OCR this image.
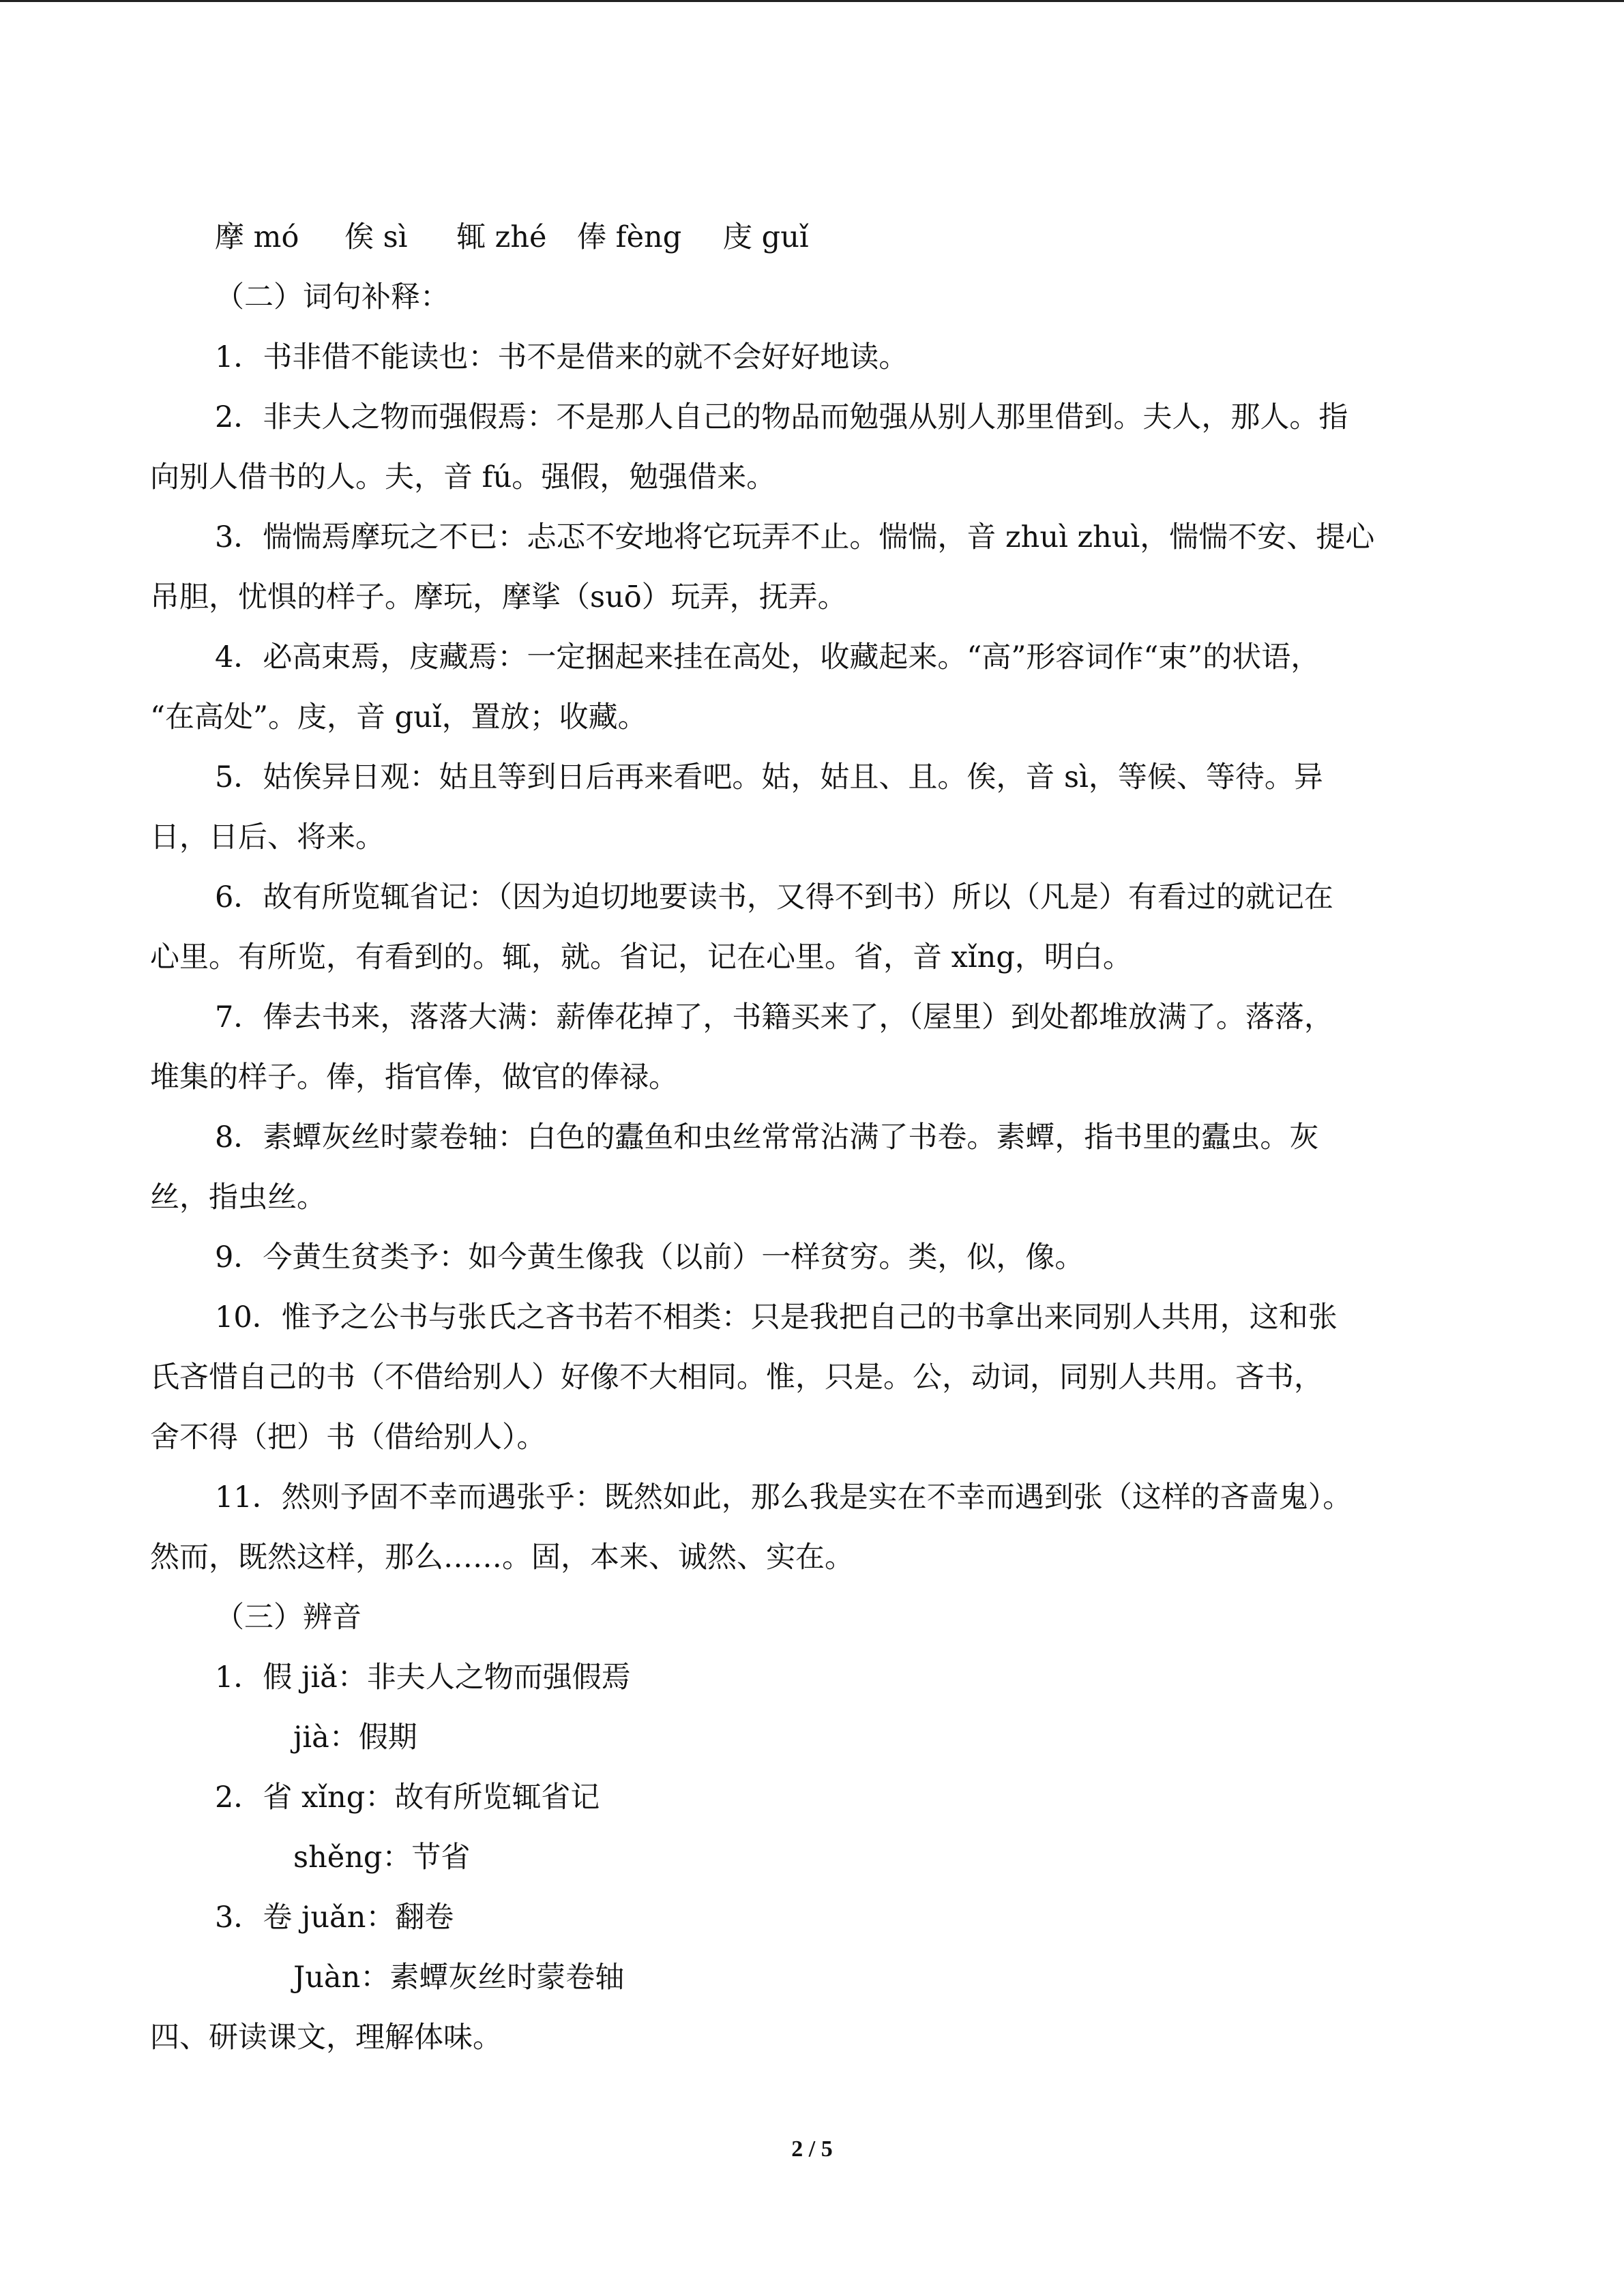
摩 mó 俟 sì 辄 zhé 俸 fèng 庋 guǐ
（二）词句补释：
1．书非借不能读也：书不是借来的就不会好好地读。
2．非夫人之物而强假焉：不是那人自己的物品而勉强从别人那里借到。夫人，那人。指
向别人借书的人。夫，音 fú。强假，勉强借来。
3．惴惴焉摩玩之不已：忐忑不安地将它玩弄不止。惴惴，音 zhuì zhuì，惴惴不安、提心
吊胆，忧惧的样子。摩玩，摩挲（suō）玩弄，抚弄。
4．必高束焉，庋藏焉：一定捆起来挂在高处，收藏起来。“高”形容词作“束”的状语，
“在高处”。庋，音 guǐ，置放；收藏。
5．姑俟异日观：姑且等到日后再来看吧。姑，姑且、且。俟，音 sì，等候、等待。异
日，日后、将来。
6．故有所览辄省记：（因为迫切地要读书，又得不到书）所以（凡是）有看过的就记在
心里。有所览，有看到的。辄，就。省记，记在心里。省，音 xǐng，明白。
7．俸去书来，落落大满：薪俸花掉了，书籍买来了，（屋里）到处都堆放满了。落落，
堆集的样子。俸，指官俸，做官的俸禄。
8．素蟫灰丝时蒙卷轴：白色的蠹鱼和虫丝常常沾满了书卷。素蟫，指书里的蠹虫。灰
丝，指虫丝。
9．今黄生贫类予：如今黄生像我（以前）一样贫穷。类，似，像。
10．惟予之公书与张氏之吝书若不相类：只是我把自己的书拿出来同别人共用，这和张
氏吝惜自己的书（不借给别人）好像不大相同。惟，只是。公，动词，同别人共用。吝书，
舍不得（把）书（借给别人）。
11．然则予固不幸而遇张乎：既然如此，那么我是实在不幸而遇到张（这样的吝啬鬼）。
然而，既然这样，那么……。固，本来、诚然、实在。
（三）辨音
1．假 jiǎ：非夫人之物而强假焉
jià：假期
2．省 xǐng：故有所览辄省记
shěng：节省
3．卷 juǎn：翻卷
Juàn：素蟫灰丝时蒙卷轴
四、研读课文，理解体味。
2 / 5
